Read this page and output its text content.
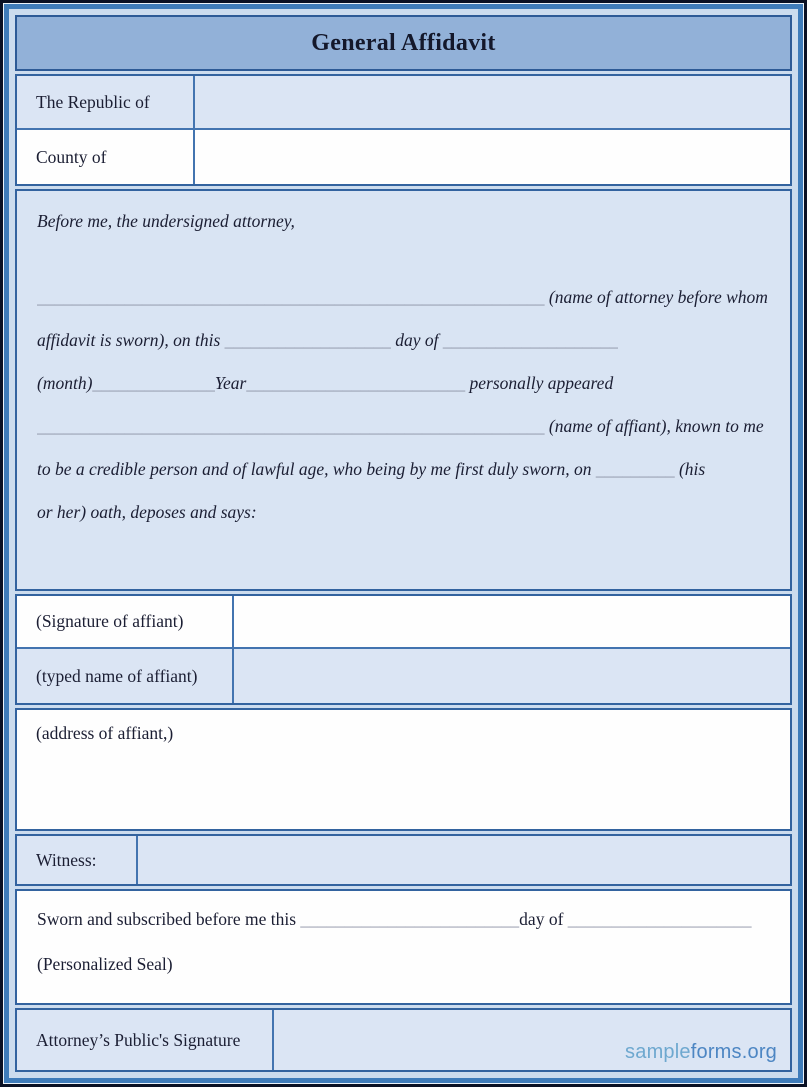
General Affidavit
The Republic of
County of

Before me, the undersigned attorney,

__________________________________________________________ (name of attorney before whom

affidavit is sworn), on this ___________________ day of ____________________

(month)______________Year_________________________ personally appeared

__________________________________________________________ (name of affiant), known to me

to be a credible person and of lawful age, who being by me first duly sworn, on _________ (his

or her) oath, deposes and says:

(Signature of affiant)
(typed name of affiant)
(address of affiant,)
Witness:

Sworn and subscribed before me this _________________________day of _____________________

(Personalized Seal)

Attorney’s Public's Signature
sampleforms.org
